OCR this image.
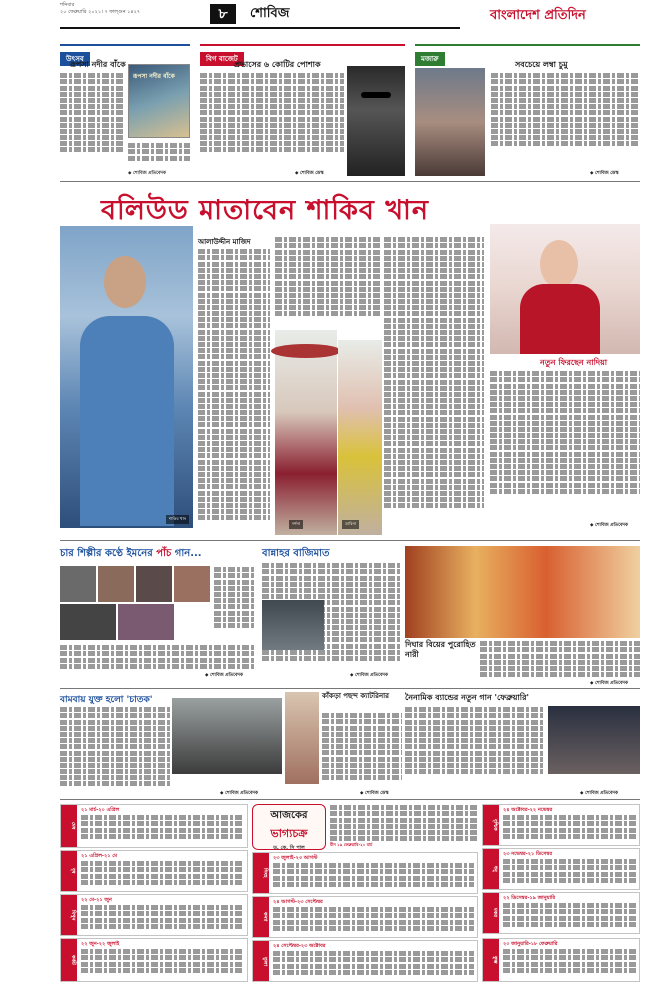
শনিবার
২০ ফেব্রুয়ারি ২০২১। ৭ ফাল্গুন ১৪২৭	৮	শোবিজ	বাংলাদেশ প্রতিদিন
উৎসব
রূপসা নদীর বাঁকে
রূপসা নদীর বাঁকে
◆ শোবিজ প্রতিবেদক
বিগ বাজেট
প্রভাসের ৬ কোটির পোশাক
◆ শোবিজ ডেস্ক
মজারু
সবচেয়ে লম্বা চুমু
◆ শোবিজ ডেস্ক
বলিউড মাতাবেন শাকিব খান
শাকিব খান
আলাউদ্দীন মাজিদ
দর্শনা	ডাবিনা
নতুন ফিরছেন নাদিয়া
◆ শোবিজ প্রতিবেদক
চার শিল্পীর কণ্ঠে ইমনের পাঁচ গান...
◆ শোবিজ প্রতিবেদক
বান্নাহর বাজিমাত
◆ শোবিজ প্রতিবেদক
দিঘার বিয়ের পুরোহিত নারী
◆ শোবিজ প্রতিবেদক
বামবায় যুক্ত হলো 'চাতক'
◆ শোবিজ প্রতিবেদক
কাঁকড়া পছন্দ ক্যাটরিনার
◆ শোবিজ ডেস্ক
নৈনামিক ব্যান্ডের নতুন গান 'ফেব্রুয়ারি'
◆ শোবিজ প্রতিবেদক
আজকের
ভাগ্যচক্র
ড. কে. সি পাল
মেষ
২১ মার্চ-২০ এপ্রিল
বৃষ
২১ এপ্রিল-২১ মে
মিথুন
২২ মে-২১ জুন
কর্কট
২২ জুন-২২ জুলাই
সিংহ
২৩ জুলাই-২৩ আগস্ট
কন্যা
২৪ আগস্ট-২৩ সেপ্টেম্বর
তুলা
২৪ সেপ্টেম্বর-২৩ অক্টোবর
বৃশ্চিক
২৪ অক্টোবর-২২ নভেম্বর
ধনু
২৩ নভেম্বর-২১ ডিসেম্বর
মকর
২২ ডিসেম্বর-১৯ জানুয়ারি
কুম্ভ
২০ জানুয়ারি-১৮ ফেব্রুয়ারি
মীন ১৯ ফেব্রুয়ারি-২০ মার্চ
